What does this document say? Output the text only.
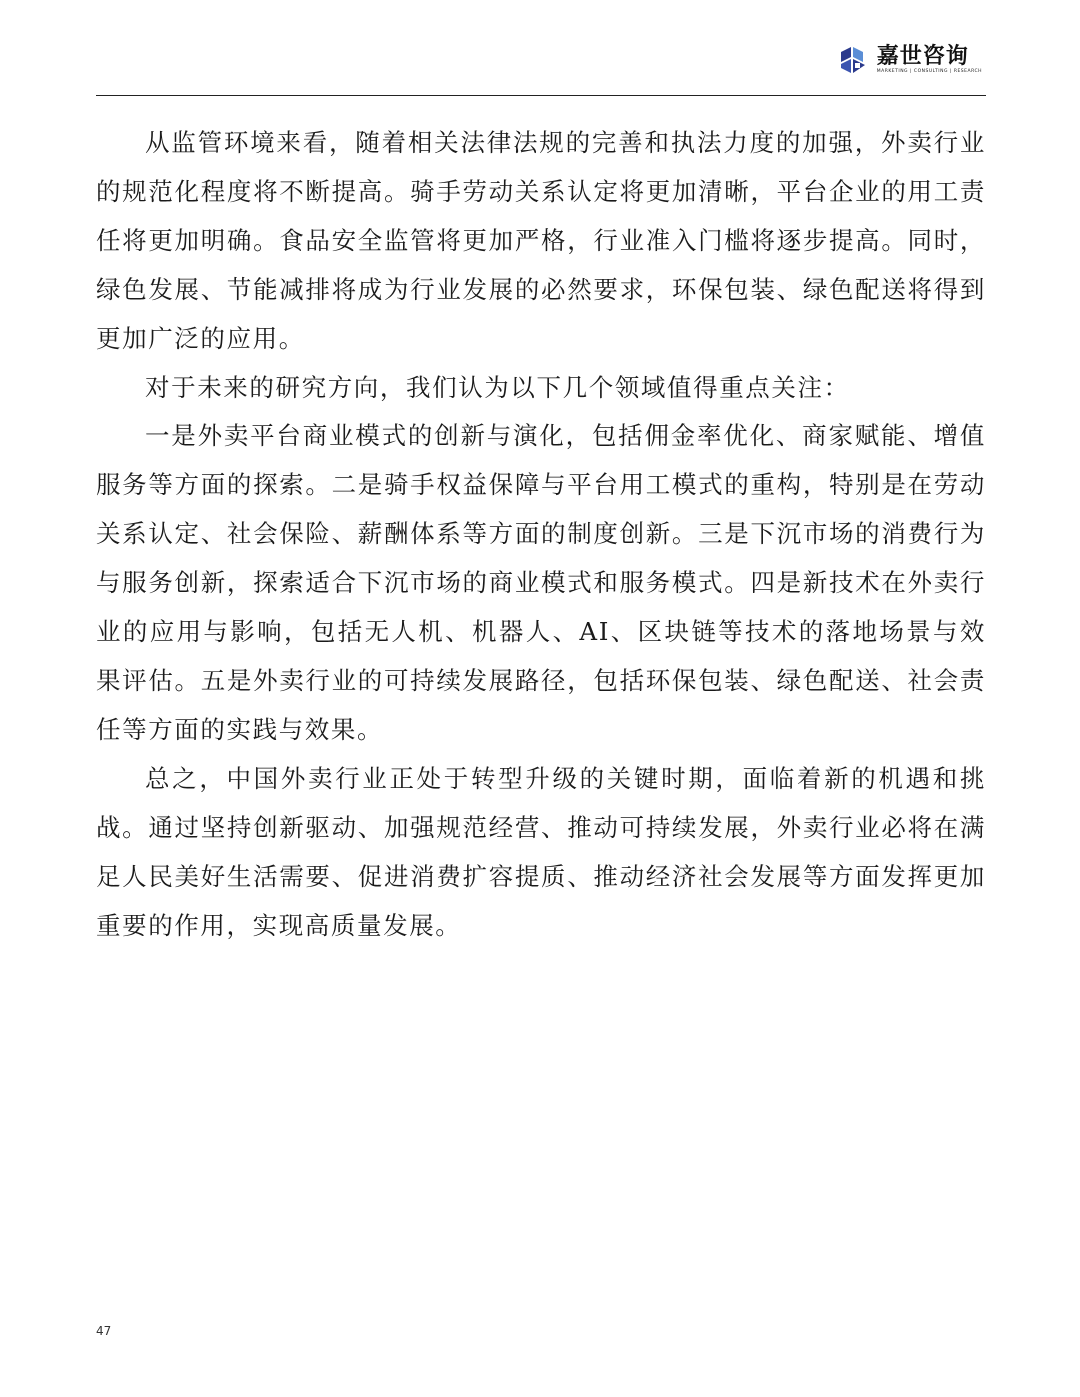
嘉世咨询
MARKETING | CONSULTING | RESEARCH

从监管环境来看，随着相关法律法规的完善和执法力度的加强，外卖行业的规范化程度将不断提高。骑手劳动关系认定将更加清晰，平台企业的用工责任将更加明确。食品安全监管将更加严格，行业准入门槛将逐步提高。同时，绿色发展、节能减排将成为行业发展的必然要求，环保包装、绿色配送将得到更加广泛的应用。

对于未来的研究方向，我们认为以下几个领域值得重点关注：

一是外卖平台商业模式的创新与演化，包括佣金率优化、商家赋能、增值服务等方面的探索。二是骑手权益保障与平台用工模式的重构，特别是在劳动关系认定、社会保险、薪酬体系等方面的制度创新。三是下沉市场的消费行为与服务创新，探索适合下沉市场的商业模式和服务模式。四是新技术在外卖行业的应用与影响，包括无人机、机器人、AI、区块链等技术的落地场景与效果评估。五是外卖行业的可持续发展路径，包括环保包装、绿色配送、社会责任等方面的实践与效果。

总之，中国外卖行业正处于转型升级的关键时期，面临着新的机遇和挑战。通过坚持创新驱动、加强规范经营、推动可持续发展，外卖行业必将在满足人民美好生活需要、促进消费扩容提质、推动经济社会发展等方面发挥更加重要的作用，实现高质量发展。

47
